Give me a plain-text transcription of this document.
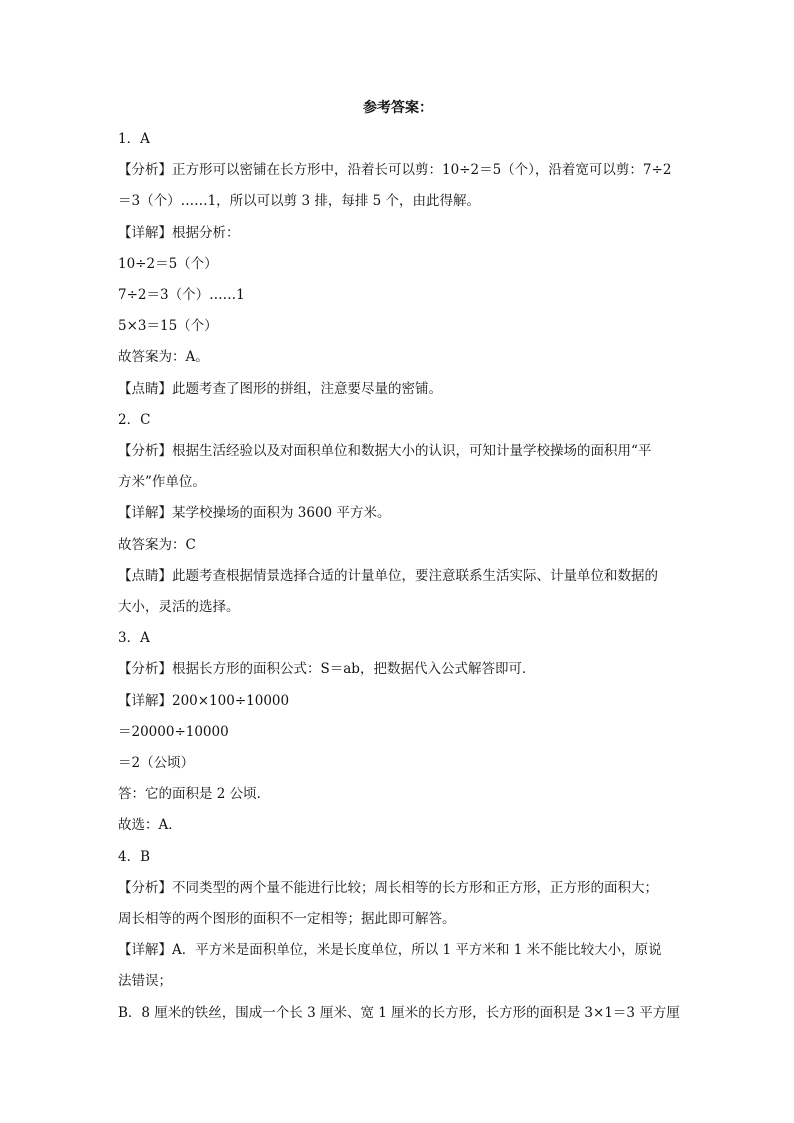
参考答案：
1．A
【分析】正方形可以密铺在长方形中，沿着长可以剪：10÷2＝5（个），沿着宽可以剪：7÷2
＝3（个）……1，所以可以剪 3 排，每排 5 个，由此得解。
【详解】根据分析：
10÷2＝5（个）
7÷2＝3（个）……1
5×3＝15（个）
故答案为：A。
【点睛】此题考查了图形的拼组，注意要尽量的密铺。
2．C
【分析】根据生活经验以及对面积单位和数据大小的认识，可知计量学校操场的面积用“平
方米”作单位。
【详解】某学校操场的面积为 3600 平方米。
故答案为：C
【点睛】此题考查根据情景选择合适的计量单位，要注意联系生活实际、计量单位和数据的
大小，灵活的选择。
3．A
【分析】根据长方形的面积公式：S＝ab，把数据代入公式解答即可．
【详解】200×100÷10000
＝20000÷10000
＝2（公顷）
答：它的面积是 2 公顷．
故选：A．
4．B
【分析】不同类型的两个量不能进行比较；周长相等的长方形和正方形，正方形的面积大；
周长相等的两个图形的面积不一定相等；据此即可解答。
【详解】A．平方米是面积单位，米是长度单位，所以 1 平方米和 1 米不能比较大小，原说
法错误；
B．8 厘米的铁丝，围成一个长 3 厘米、宽 1 厘米的长方形，长方形的面积是 3×1＝3 平方厘
